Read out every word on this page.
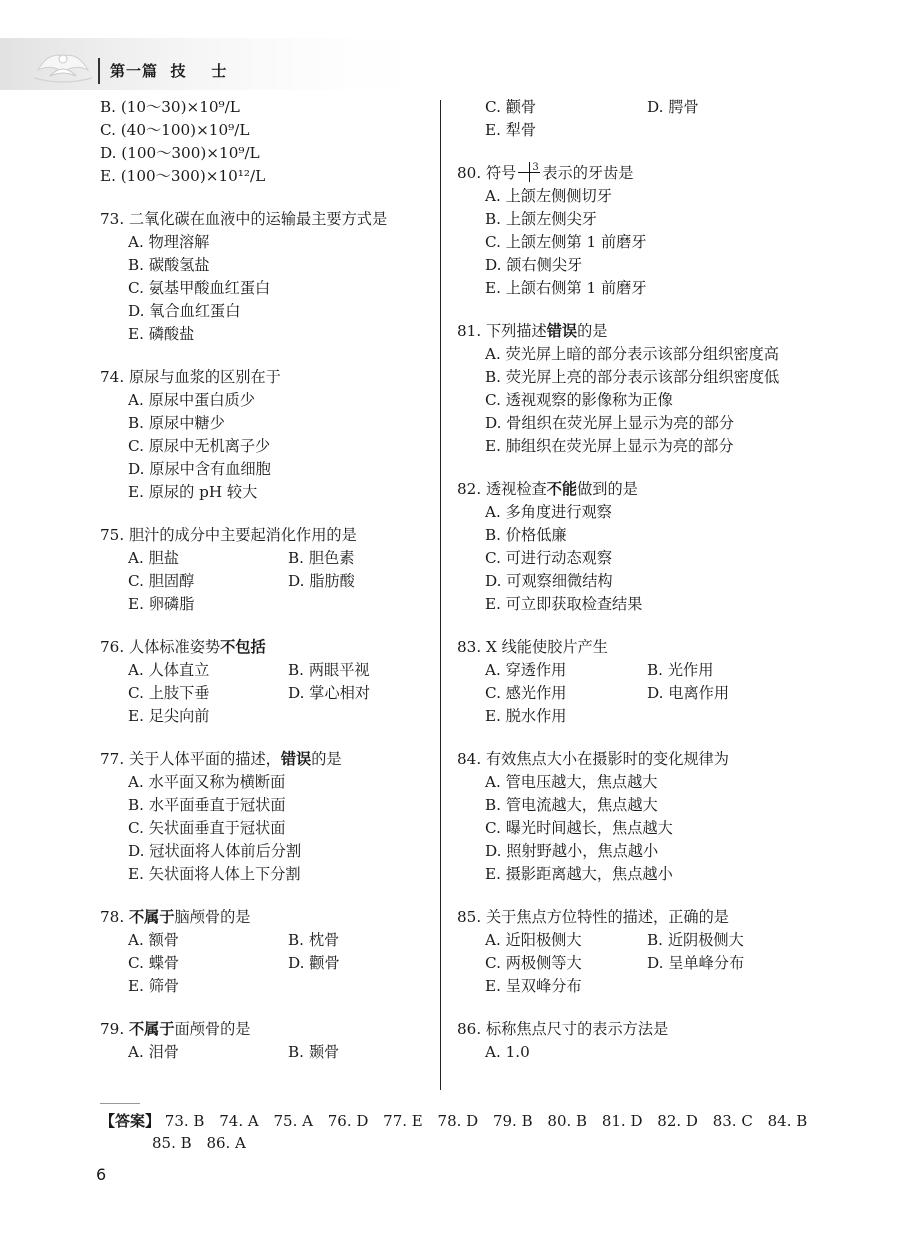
第一篇  技    士
B. (10～30)×10⁹/L
C. (40～100)×10⁹/L
D. (100～300)×10⁹/L
E. (100～300)×10¹²/L
73. 二氧化碳在血液中的运输最主要方式是
A. 物理溶解
B. 碳酸氢盐
C. 氨基甲酸血红蛋白
D. 氧合血红蛋白
E. 磷酸盐
74. 原尿与血浆的区别在于
A. 原尿中蛋白质少
B. 原尿中糖少
C. 原尿中无机离子少
D. 原尿中含有血细胞
E. 原尿的 pH 较大
75. 胆汁的成分中主要起消化作用的是
A. 胆盐	B. 胆色素
C. 胆固醇	D. 脂肪酸
E. 卵磷脂
76. 人体标准姿势不包括
A. 人体直立	B. 两眼平视
C. 上肢下垂	D. 掌心相对
E. 足尖向前
77. 关于人体平面的描述，错误的是
A. 水平面又称为横断面
B. 水平面垂直于冠状面
C. 矢状面垂直于冠状面
D. 冠状面将人体前后分割
E. 矢状面将人体上下分割
78. 不属于脑颅骨的是
A. 额骨	B. 枕骨
C. 蝶骨	D. 颧骨
E. 筛骨
79. 不属于面颅骨的是
A. 泪骨	B. 颞骨
C. 颧骨	D. 腭骨
E. 犁骨
80. 符号 3 表示的牙齿是
A. 上颌左侧侧切牙
B. 上颌左侧尖牙
C. 上颌左侧第 1 前磨牙
D. 颌右侧尖牙
E. 上颌右侧第 1 前磨牙
81. 下列描述错误的是
A. 荧光屏上暗的部分表示该部分组织密度高
B. 荧光屏上亮的部分表示该部分组织密度低
C. 透视观察的影像称为正像
D. 骨组织在荧光屏上显示为亮的部分
E. 肺组织在荧光屏上显示为亮的部分
82. 透视检查不能做到的是
A. 多角度进行观察
B. 价格低廉
C. 可进行动态观察
D. 可观察细微结构
E. 可立即获取检查结果
83. X 线能使胶片产生
A. 穿透作用	B. 光作用
C. 感光作用	D. 电离作用
E. 脱水作用
84. 有效焦点大小在摄影时的变化规律为
A. 管电压越大，焦点越大
B. 管电流越大，焦点越大
C. 曝光时间越长，焦点越大
D. 照射野越小，焦点越小
E. 摄影距离越大，焦点越小
85. 关于焦点方位特性的描述，正确的是
A. 近阳极侧大	B. 近阴极侧大
C. 两极侧等大	D. 呈单峰分布
E. 呈双峰分布
86. 标称焦点尺寸的表示方法是
A. 1.0
【答案】 73. B 74. A 75. A 76. D 77. E 78. D 79. B 80. B 81. D 82. D 83. C 84. B
85. B 86. A
6
